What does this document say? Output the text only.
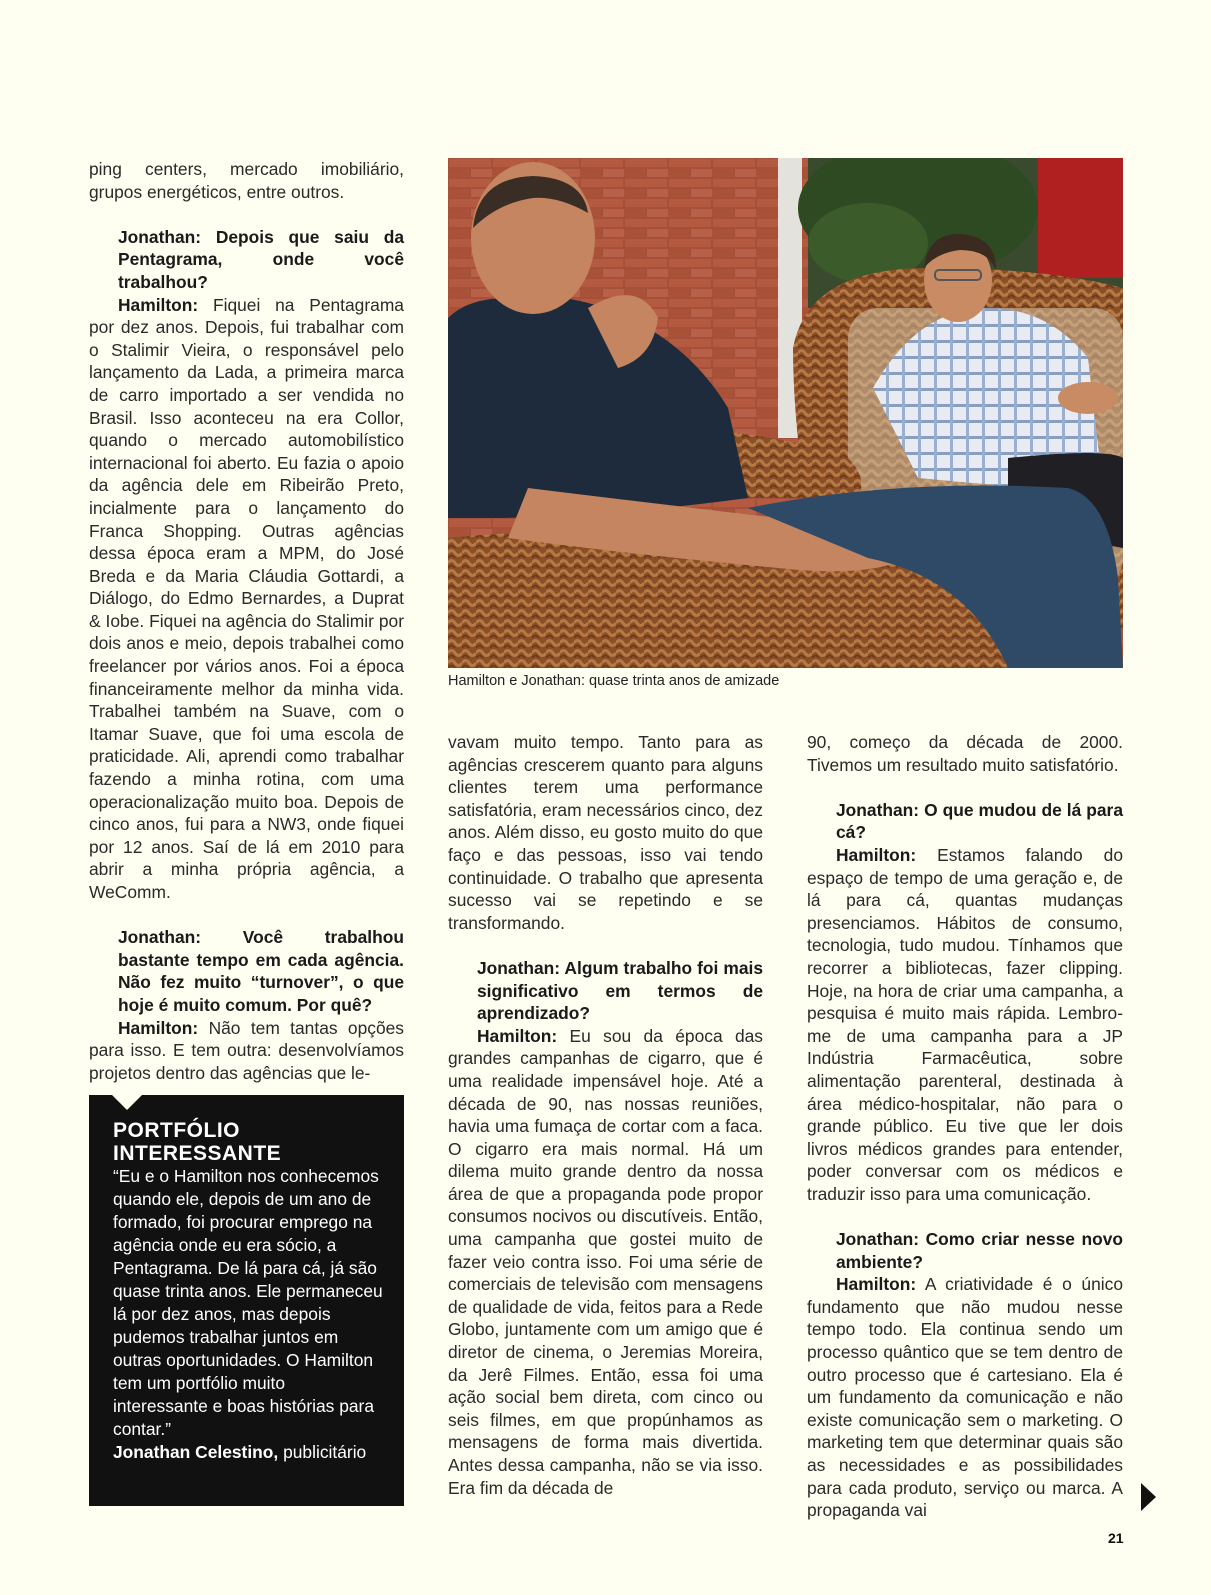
ping centers, mercado imobiliário, grupos energéticos, entre outros.

Jonathan: Depois que saiu da Pentagrama, onde você trabalhou?

Hamilton: Fiquei na Pentagrama por dez anos. Depois, fui trabalhar com o Stalimir Vieira, o responsável pelo lançamento da Lada, a primeira marca de carro importado a ser vendida no Brasil. Isso aconteceu na era Collor, quando o mercado automobilístico internacional foi aberto. Eu fazia o apoio da agência dele em Ribeirão Preto, incialmente para o lançamento do Franca Shopping. Outras agências dessa época eram a MPM, do José Breda e da Maria Cláudia Gottardi, a Diálogo, do Edmo Bernardes, a Duprat & Iobe. Fiquei na agência do Stalimir por dois anos e meio, depois trabalhei como freelancer por vários anos. Foi a época financeiramente melhor da minha vida. Trabalhei também na Suave, com o Itamar Suave, que foi uma escola de praticidade. Ali, aprendi como trabalhar fazendo a minha rotina, com uma operacionalização muito boa. Depois de cinco anos, fui para a NW3, onde fiquei por 12 anos. Saí de lá em 2010 para abrir a minha própria agência, a WeComm.

Jonathan: Você trabalhou bastante tempo em cada agência. Não fez muito “turnover”, o que hoje é muito comum. Por quê?

Hamilton: Não tem tantas opções para isso. E tem outra: desenvolvíamos projetos dentro das agências que le-

Hamilton e Jonathan: quase trinta anos de amizade

vavam muito tempo. Tanto para as agências crescerem quanto para alguns clientes terem uma performance satisfatória, eram necessários cinco, dez anos. Além disso, eu gosto muito do que faço e das pessoas, isso vai tendo continuidade. O trabalho que apresenta sucesso vai se repetindo e se transformando.

Jonathan: Algum trabalho foi mais significativo em termos de aprendizado?

Hamilton: Eu sou da época das grandes campanhas de cigarro, que é uma realidade impensável hoje. Até a década de 90, nas nossas reuniões, havia uma fumaça de cortar com a faca. O cigarro era mais normal. Há um dilema muito grande dentro da nossa área de que a propaganda pode propor consumos nocivos ou discutíveis. Então, uma campanha que gostei muito de fazer veio contra isso. Foi uma série de comerciais de televisão com mensagens de qualidade de vida, feitos para a Rede Globo, juntamente com um amigo que é diretor de cinema, o Jeremias Moreira, da Jerê Filmes. Então, essa foi uma ação social bem direta, com cinco ou seis filmes, em que propúnhamos as mensagens de forma mais divertida. Antes dessa campanha, não se via isso. Era fim da década de

90, começo da década de 2000. Tivemos um resultado muito satisfatório.

Jonathan: O que mudou de lá para cá?

Hamilton: Estamos falando do espaço de tempo de uma geração e, de lá para cá, quantas mudanças presenciamos. Hábitos de consumo, tecnologia, tudo mudou. Tínhamos que recorrer a bibliotecas, fazer clipping. Hoje, na hora de criar uma campanha, a pesquisa é muito mais rápida. Lembro-me de uma campanha para a JP Indústria Farmacêutica, sobre alimentação parenteral, destinada à área médico-hospitalar, não para o grande público. Eu tive que ler dois livros médicos grandes para entender, poder conversar com os médicos e traduzir isso para uma comunicação.

Jonathan: Como criar nesse novo ambiente?

Hamilton: A criatividade é o único fundamento que não mudou nesse tempo todo. Ela continua sendo um processo quântico que se tem dentro de outro processo que é cartesiano. Ela é um fundamento da comunicação e não existe comunicação sem o marketing. O marketing tem que determinar quais são as necessidades e as possibilidades para cada produto, serviço ou marca. A propaganda vai

PORTFÓLIO INTERESSANTE

“Eu e o Hamilton nos conhecemos quando ele, depois de um ano de formado, foi procurar emprego na agência onde eu era sócio, a Pentagrama. De lá para cá, já são quase trinta anos. Ele permaneceu lá por dez anos, mas depois pudemos trabalhar juntos em outras oportunidades. O Hamilton tem um portfólio muito interessante e boas histórias para contar.”

Jonathan Celestino, publicitário

21
